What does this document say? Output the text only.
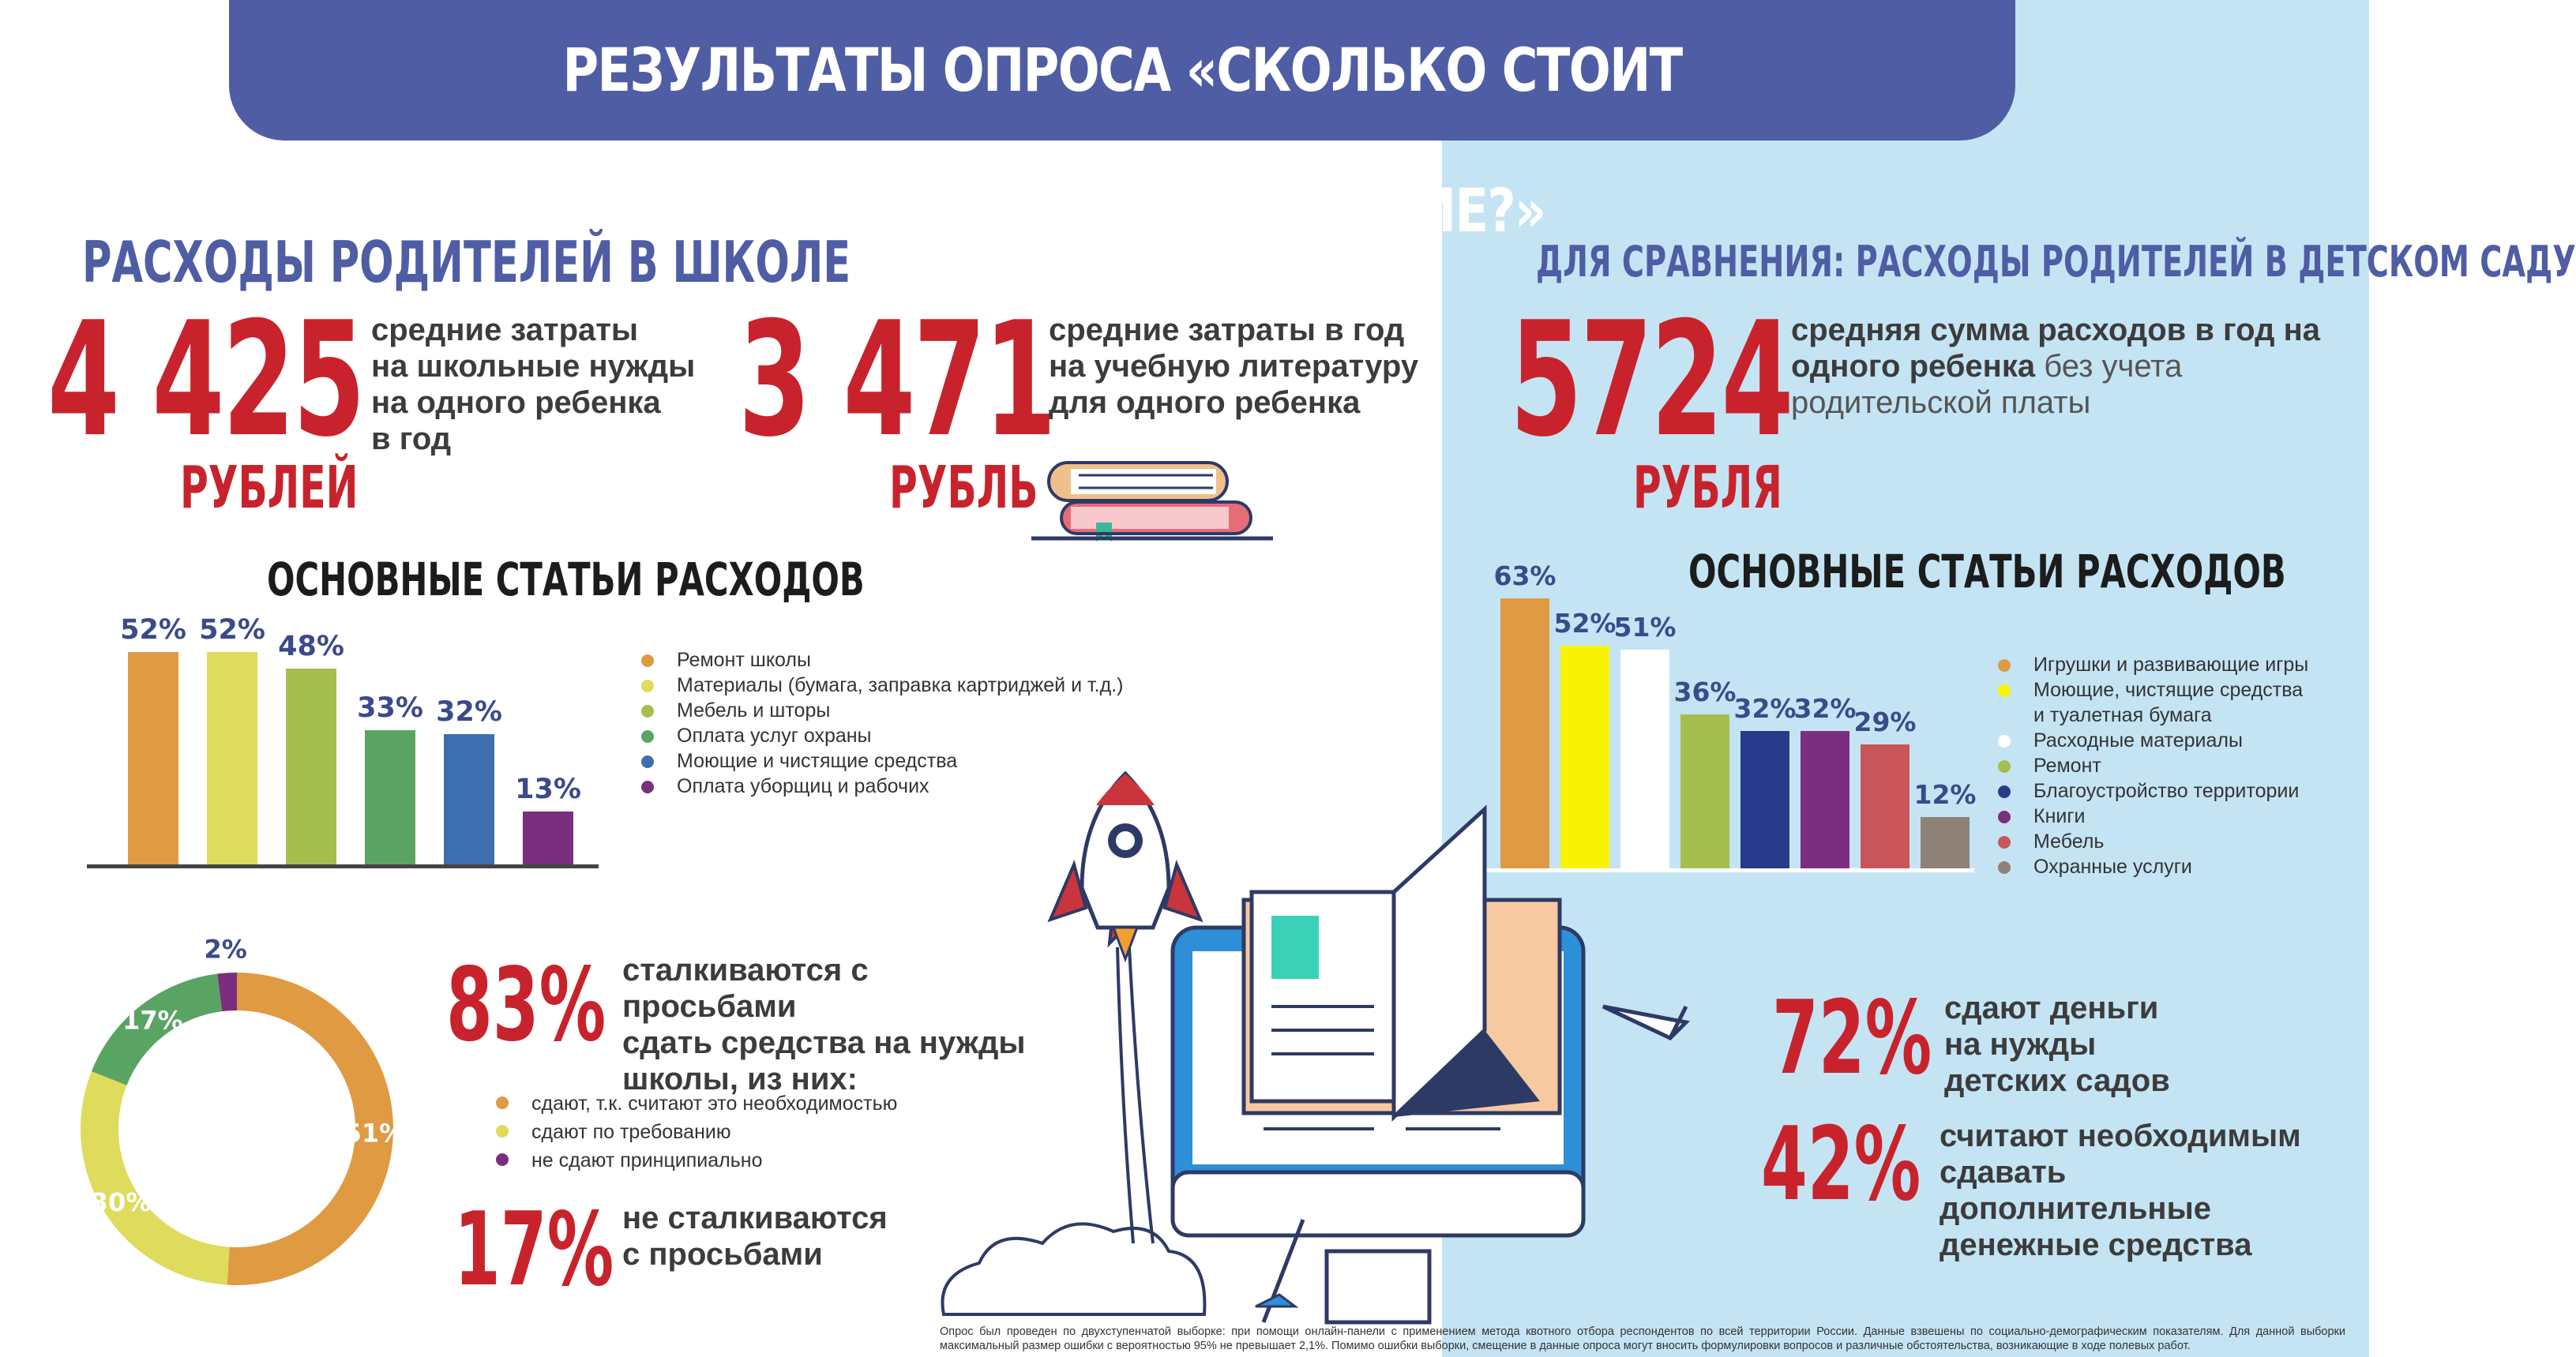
РЕЗУЛЬТАТЫ ОПРОСА «СКОЛЬКО СТОИТ БЕСПЛАТНОЕ ОБРАЗОВАНИЕ?»
РАСХОДЫ РОДИТЕЛЕЙ В ШКОЛЕ
4 425
РУБЛЕЙ
средние затраты
на школьные нужды
на одного ребенка
в год	3 471
РУБЛЬ
средние затраты в год
на учебную литературу
для одного ребенка
ОСНОВНЫЕ СТАТЬИ РАСХОДОВ
52% 52%
48%
33% 32%
13%
Ремонт школы
Материалы (бумага, заправка картриджей и т.д.)
Мебель и шторы
Оплата услуг охраны
Моющие и чистящие средства
Оплата уборщиц и рабочих
51%
30%
17%
2% 83% сталкиваются с просьбами
сдать средства на нужды
школы, из них:
сдают, т.к. считают это необходимостью
сдают по требованию
не сдают принципиально
17% не сталкиваются
с просьбами
ДЛЯ СРАВНЕНИЯ: РАСХОДЫ РОДИТЕЛЕЙ В ДЕТСКОМ САДУ
5724
РУБЛЯ
средняя сумма расходов в год на
одного ребенка без учета
родительской платы
ОСНОВНЫЕ СТАТЬИ РАСХОДОВ
63%
52%
51%
36%
32%
32%
29%
12%
Игрушки и развивающие игры
Моющие, чистящие средства
и туалетная бумага
Расходные материалы
Ремонт
Благоустройство территории
Книги
Мебель
Охранные услуги
72% сдают деньги
на нужды
детских садов
42% считают необходимым
сдавать
дополнительные
денежные средства
Опрос был проведен по двухступенчатой выборке: при помощи онлайн-панели с применением метода квотного отбора респондентов по всей территории России. Данные взвешены по социально-демографическим показателям. Для данной выборки максимальный размер ошибки с вероятностью 95% не превышает 2,1%. Помимо ошибки выборки, смещение в данные опроса могут вносить формулировки вопросов и различные обстоятельства, возникающие в ходе полевых работ.
